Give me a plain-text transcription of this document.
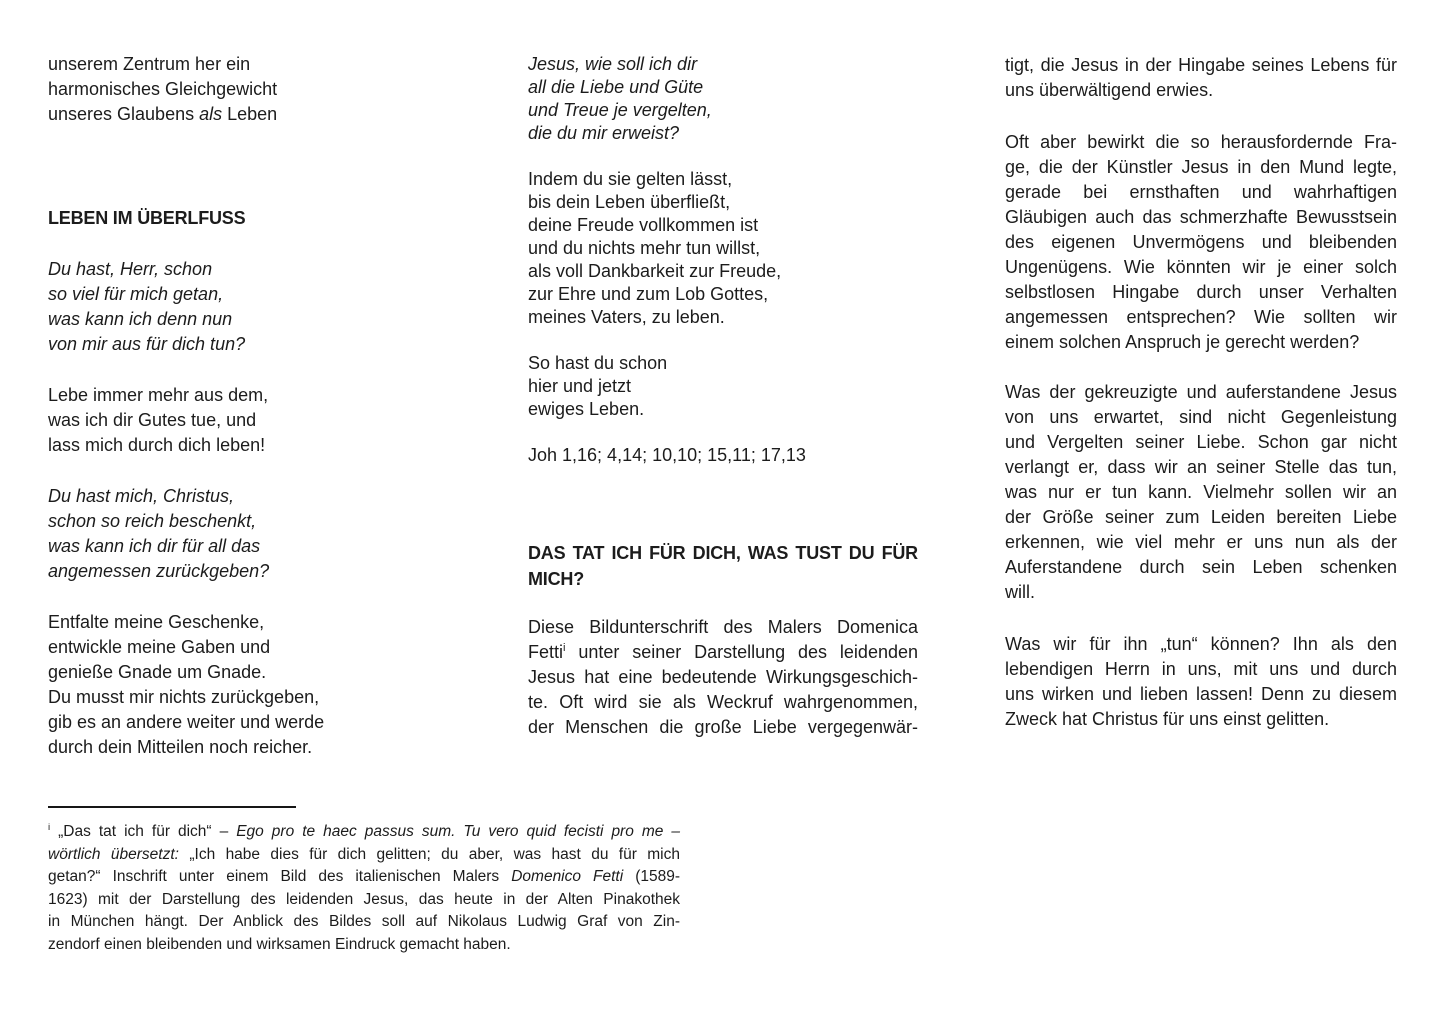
unserem Zentrum her ein
harmonisches Gleichgewicht
unseres Glaubens als Leben
LEBEN IM ÜBERLFUSS
Du hast, Herr, schon
so viel für mich getan,
was kann ich denn nun
von mir aus für dich tun?
Lebe immer mehr aus dem,
was ich dir Gutes tue, und
lass mich durch dich leben!
Du hast mich, Christus,
schon so reich beschenkt,
was kann ich dir für all das
angemessen zurückgeben?
Entfalte meine Geschenke,
entwickle meine Gaben und
genieße Gnade um Gnade.
Du musst mir nichts zurückgeben,
gib es an andere weiter und werde
durch dein Mitteilen noch reicher.
Jesus, wie soll ich dir
all die Liebe und Güte
und Treue je vergelten,
die du mir erweist?
Indem du sie gelten lässt,
bis dein Leben überfließt,
deine Freude vollkommen ist
und du nichts mehr tun willst,
als voll Dankbarkeit zur Freude,
zur Ehre und zum Lob Gottes,
meines Vaters, zu leben.
So hast du schon
hier und jetzt
ewiges Leben.
Joh 1,16; 4,14; 10,10; 15,11; 17,13
DAS TAT ICH FÜR DICH, WAS TUST DU FÜR
MICH?
Diese Bildunterschrift des Malers Domenica
Fetti$^i$ unter seiner Darstellung des leidenden
Jesus hat eine bedeutende Wirkungsgeschich-
te. Oft wird sie als Weckruf wahrgenommen,
der Menschen die große Liebe vergegenwär-
tigt, die Jesus in der Hingabe seines Lebens für
uns überwältigend erwies.
Oft aber bewirkt die so herausfordernde Fra-
ge, die der Künstler Jesus in den Mund legte,
gerade bei ernsthaften und wahrhaftigen
Gläubigen auch das schmerzhafte Bewusstsein
des eigenen Unvermögens und bleibenden
Ungenügens. Wie könnten wir je einer solch
selbstlosen Hingabe durch unser Verhalten
angemessen entsprechen? Wie sollten wir
einem solchen Anspruch je gerecht werden?
Was der gekreuzigte und auferstandene Jesus
von uns erwartet, sind nicht Gegenleistung
und Vergelten seiner Liebe. Schon gar nicht
verlangt er, dass wir an seiner Stelle das tun,
was nur er tun kann. Vielmehr sollen wir an
der Größe seiner zum Leiden bereiten Liebe
erkennen, wie viel mehr er uns nun als der
Auferstandene durch sein Leben schenken
will.
Was wir für ihn „tun“ können? Ihn als den
lebendigen Herrn in uns, mit uns und durch
uns wirken und lieben lassen! Denn zu diesem
Zweck hat Christus für uns einst gelitten.
$^i$ „Das tat ich für dich“ – Ego pro te haec passus sum. Tu vero quid fecisti pro me –
wörtlich übersetzt: „Ich habe dies für dich gelitten; du aber, was hast du für mich
getan?“ Inschrift unter einem Bild des italienischen Malers Domenico Fetti (1589-
1623) mit der Darstellung des leidenden Jesus, das heute in der Alten Pinakothek
in München hängt. Der Anblick des Bildes soll auf Nikolaus Ludwig Graf von Zin-
zendorf einen bleibenden und wirksamen Eindruck gemacht haben.
